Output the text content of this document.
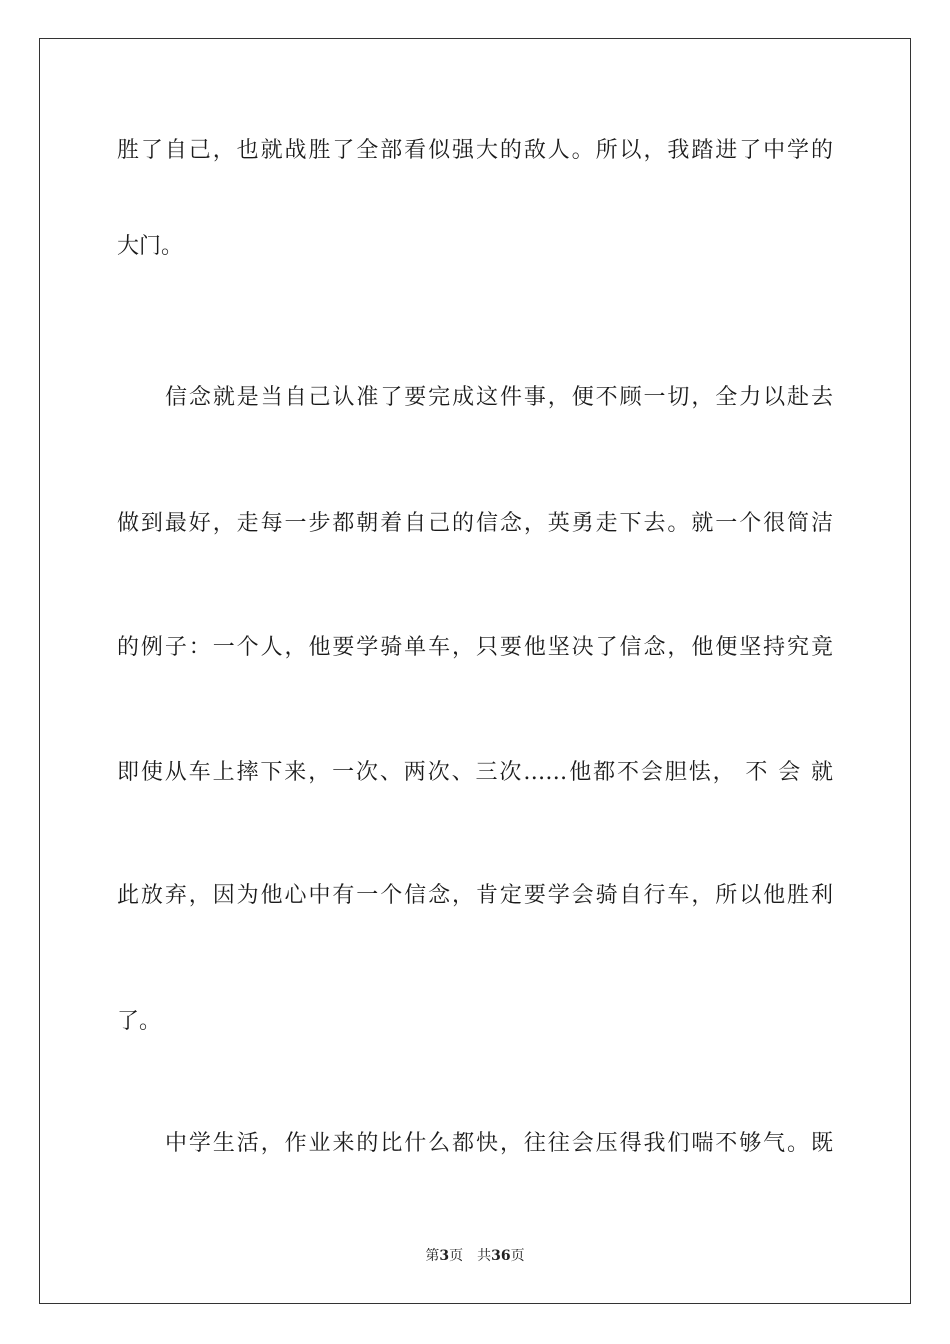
胜了自己，也就战胜了全部看似强大的敌人。所以，我踏进了中学的
大门。
信念就是当自己认准了要完成这件事，便不顾一切，全力以赴去
做到最好，走每一步都朝着自己的信念，英勇走下去。就一个很简洁
的例子：一个人，他要学骑单车，只要他坚决了信念，他便坚持究竟
即使从车上摔下来，一次、两次、三次……他都不会胆怯， 不 会 就
此放弃，因为他心中有一个信念，肯定要学会骑自行车，所以他胜利
了。
中学生活，作业来的比什么都快，往往会压得我们喘不够气。既
第3页 共36页
